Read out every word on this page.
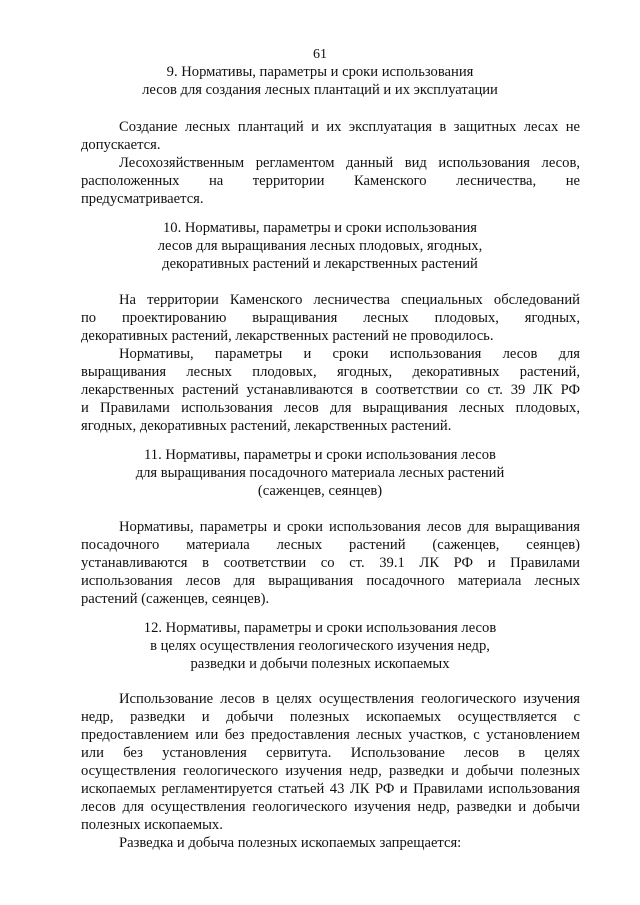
61
9. Нормативы, параметры и сроки использования
лесов для создания лесных плантаций и их эксплуатации
Создание лесных плантаций и их эксплуатация в защитных лесах не
допускается.
Лесохозяйственным регламентом данный вид использования лесов,
расположенных на территории Каменского лесничества, не
предусматривается.
10. Нормативы, параметры и сроки использования
лесов для выращивания лесных плодовых, ягодных,
декоративных растений и лекарственных растений
На территории Каменского лесничества специальных обследований
по проектированию выращивания лесных плодовых, ягодных,
декоративных растений, лекарственных растений не проводилось.
Нормативы, параметры и сроки использования лесов для
выращивания лесных плодовых, ягодных, декоративных растений,
лекарственных растений устанавливаются в соответствии со ст. 39 ЛК РФ
и Правилами использования лесов для выращивания лесных плодовых,
ягодных, декоративных растений, лекарственных растений.
11. Нормативы, параметры и сроки использования лесов
для выращивания посадочного материала лесных растений
(саженцев, сеянцев)
Нормативы, параметры и сроки использования лесов для выращивания
посадочного материала лесных растений (саженцев, сеянцев)
устанавливаются в соответствии со ст. 39.1 ЛК РФ и Правилами
использования лесов для выращивания посадочного материала лесных
растений (саженцев, сеянцев).
12. Нормативы, параметры и сроки использования лесов
в целях осуществления геологического изучения недр,
разведки и добычи полезных ископаемых
Использование лесов в целях осуществления геологического изучения
недр, разведки и добычи полезных ископаемых осуществляется с
предоставлением или без предоставления лесных участков, с установлением
или без установления сервитута. Использование лесов в целях
осуществления геологического изучения недр, разведки и добычи полезных
ископаемых регламентируется статьей 43 ЛК РФ и Правилами использования
лесов для осуществления геологического изучения недр, разведки и добычи
полезных ископаемых.
Разведка и добыча полезных ископаемых запрещается:
